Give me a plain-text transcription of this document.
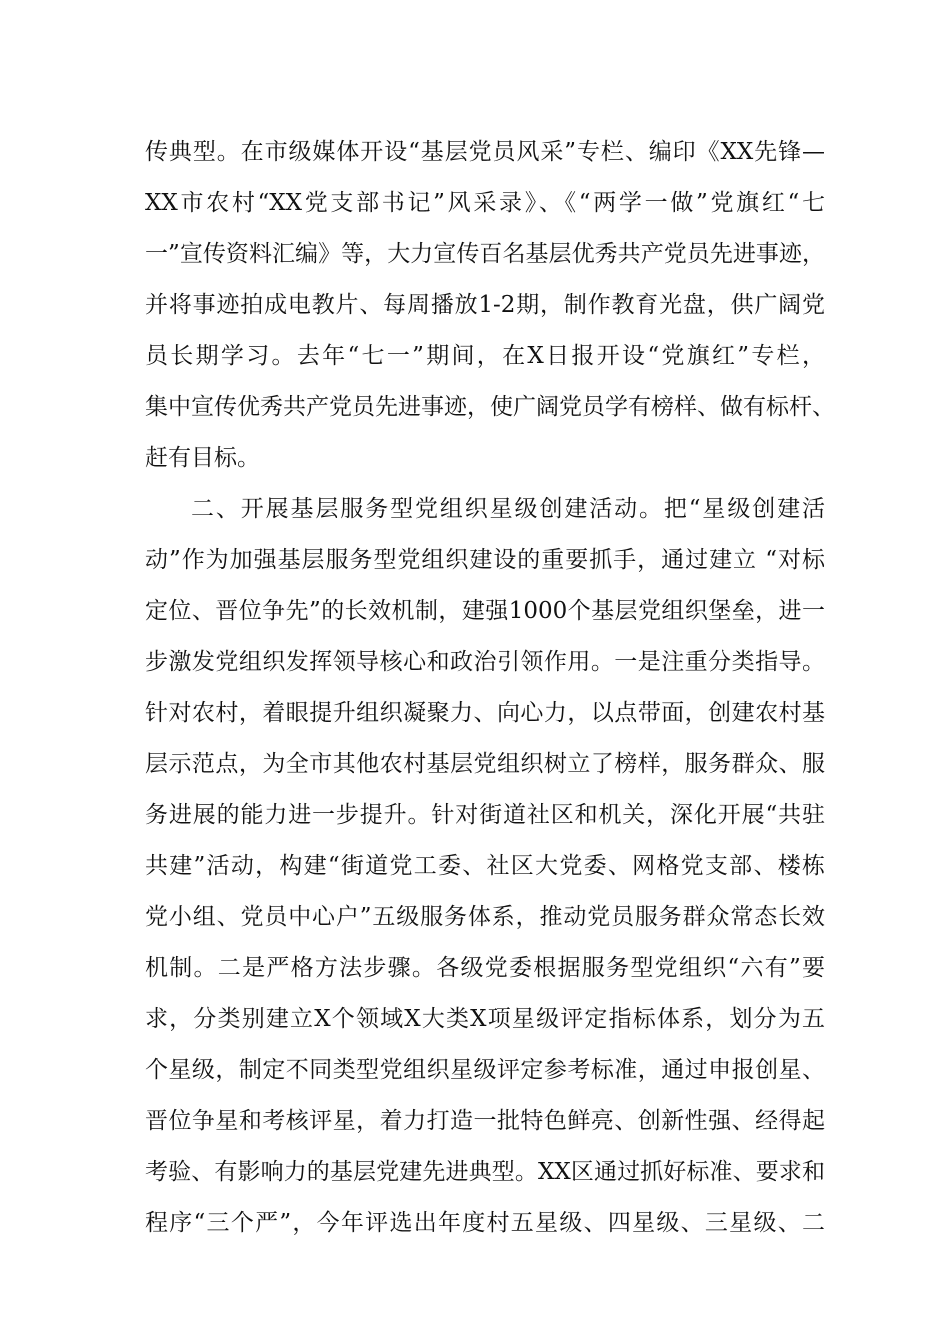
传典型。在市级媒体开设“基层党员风采”专栏、编印《XX先锋—
XX市农村“XX党支部书记”风采录》、《“两学一做”党旗红“七
一”宣传资料汇编》等，大力宣传百名基层优秀共产党员先进事迹，
并将事迹拍成电教片、每周播放1-2期，制作教育光盘，供广阔党
员长期学习。去年“七一”期间，在X日报开设“党旗红”专栏，
集中宣传优秀共产党员先进事迹，使广阔党员学有榜样、做有标杆、
赶有目标。
二、开展基层服务型党组织星级创建活动。把“星级创建活
动”作为加强基层服务型党组织建设的重要抓手，通过建立 “对标
定位、晋位争先”的长效机制，建强1000个基层党组织堡垒，进一
步激发党组织发挥领导核心和政治引领作用。一是注重分类指导。
针对农村，着眼提升组织凝聚力、向心力，以点带面，创建农村基
层示范点，为全市其他农村基层党组织树立了榜样，服务群众、服
务进展的能力进一步提升。针对街道社区和机关，深化开展“共驻
共建”活动，构建“街道党工委、社区大党委、网格党支部、楼栋
党小组、党员中心户”五级服务体系，推动党员服务群众常态长效
机制。二是严格方法步骤。各级党委根据服务型党组织“六有”要
求，分类别建立X个领域X大类X项星级评定指标体系，划分为五
个星级，制定不同类型党组织星级评定参考标准，通过申报创星、
晋位争星和考核评星，着力打造一批特色鲜亮、创新性强、经得起
考验、有影响力的基层党建先进典型。XX区通过抓好标准、要求和
程序“三个严”，今年评选出年度村五星级、四星级、三星级、二
